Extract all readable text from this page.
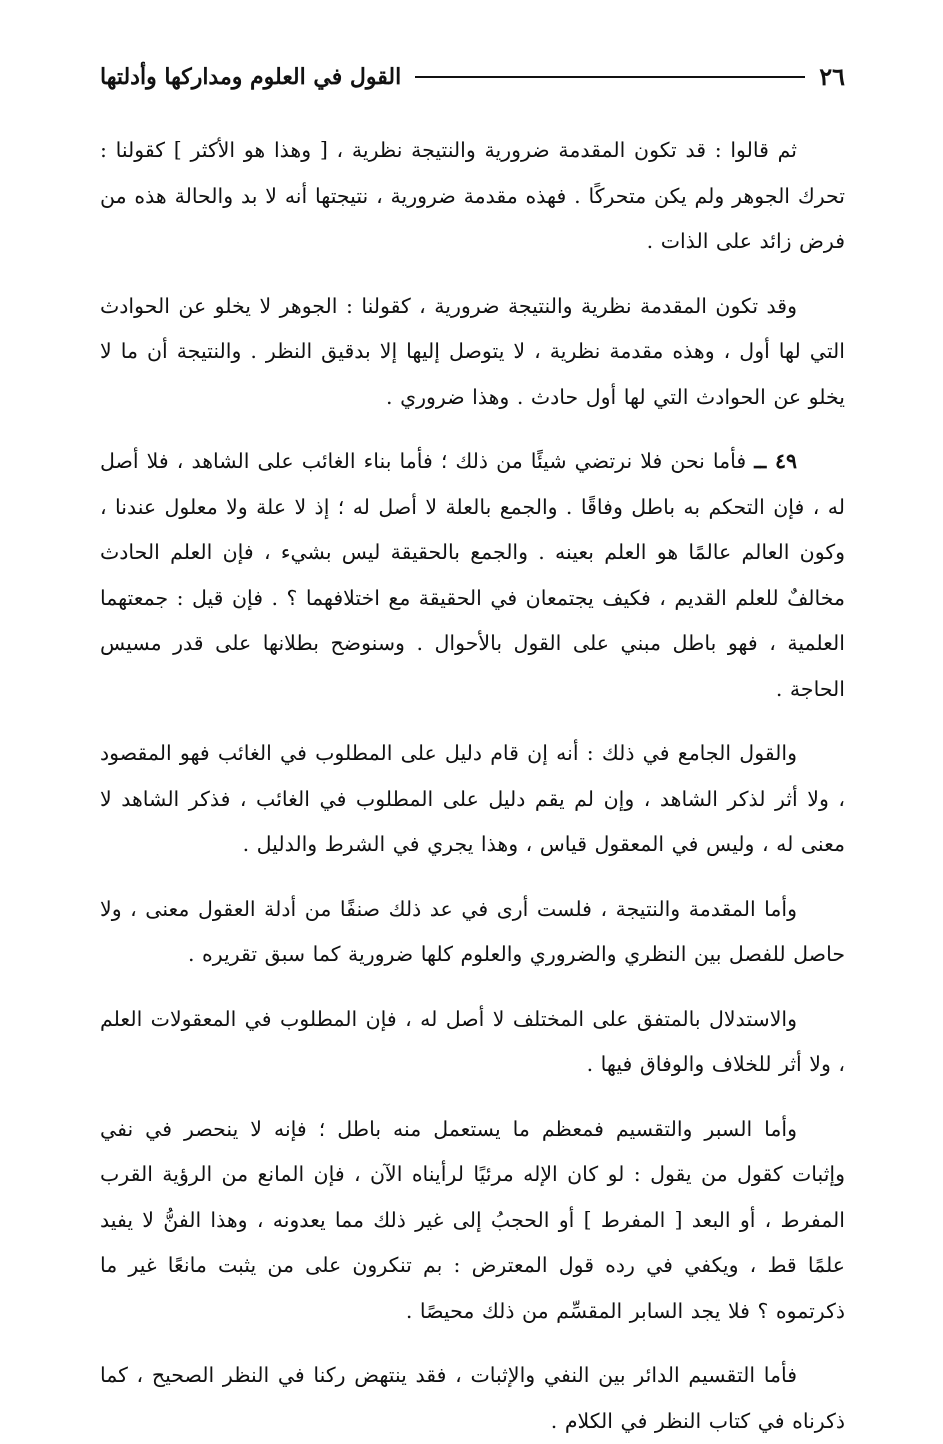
٢٦
القول في العلوم ومداركها وأدلتها

ثم قالوا : قد تكون المقدمة ضرورية والنتيجة نظرية ، [ وهذا هو الأكثر ] كقولنا : تحرك الجوهر ولم يكن متحركًا . فهذه مقدمة ضرورية ، نتيجتها أنه لا بد والحالة هذه من فرض زائد على الذات .

وقد تكون المقدمة نظرية والنتيجة ضرورية ، كقولنا : الجوهر لا يخلو عن الحوادث التي لها أول ، وهذه مقدمة نظرية ، لا يتوصل إليها إلا بدقيق النظر . والنتيجة أن ما لا يخلو عن الحوادث التي لها أول حادث . وهذا ضروري .

٤٩ ــ فأما نحن فلا نرتضي شيئًا من ذلك ؛ فأما بناء الغائب على الشاهد ، فلا أصل له ، فإن التحكم به باطل وفاقًا . والجمع بالعلة لا أصل له ؛ إذ لا علة ولا معلول عندنا ، وكون العالم عالمًا هو العلم بعينه . والجمع بالحقيقة ليس بشيء ، فإن العلم الحادث مخالفٌ للعلم القديم ، فكيف يجتمعان في الحقيقة مع اختلافهما ؟ . فإن قيل : جمعتهما العلمية ، فهو باطل مبني على القول بالأحوال . وسنوضح بطلانها على قدر مسيس الحاجة .

والقول الجامع في ذلك : أنه إن قام دليل على المطلوب في الغائب فهو المقصود ، ولا أثر لذكر الشاهد ، وإن لم يقم دليل على المطلوب في الغائب ، فذكر الشاهد لا معنى له ، وليس في المعقول قياس ، وهذا يجري في الشرط والدليل .

وأما المقدمة والنتيجة ، فلست أرى في عد ذلك صنفًا من أدلة العقول معنى ، ولا حاصل للفصل بين النظري والضروري والعلوم كلها ضرورية كما سبق تقريره .

والاستدلال بالمتفق على المختلف لا أصل له ، فإن المطلوب في المعقولات العلم ، ولا أثر للخلاف والوفاق فيها .

وأما السبر والتقسيم فمعظم ما يستعمل منه باطل ؛ فإنه لا ينحصر في نفي وإثبات كقول من يقول : لو كان الإله مرئيًا لرأيناه الآن ، فإن المانع من الرؤية القرب المفرط ، أو البعد [ المفرط ] أو الحجبُ إلى غير ذلك مما يعدونه ، وهذا الفنُّ لا يفيد علمًا قط ، ويكفي في رده قول المعترض : بم تنكرون على من يثبت مانعًا غير ما ذكرتموه ؟ فلا يجد السابر المقسِّم من ذلك محيصًا .

فأما التقسيم الدائر بين النفي والإثبات ، فقد ينتهض ركنا في النظر الصحيح ، كما ذكرناه في كتاب النظر في الكلام .
